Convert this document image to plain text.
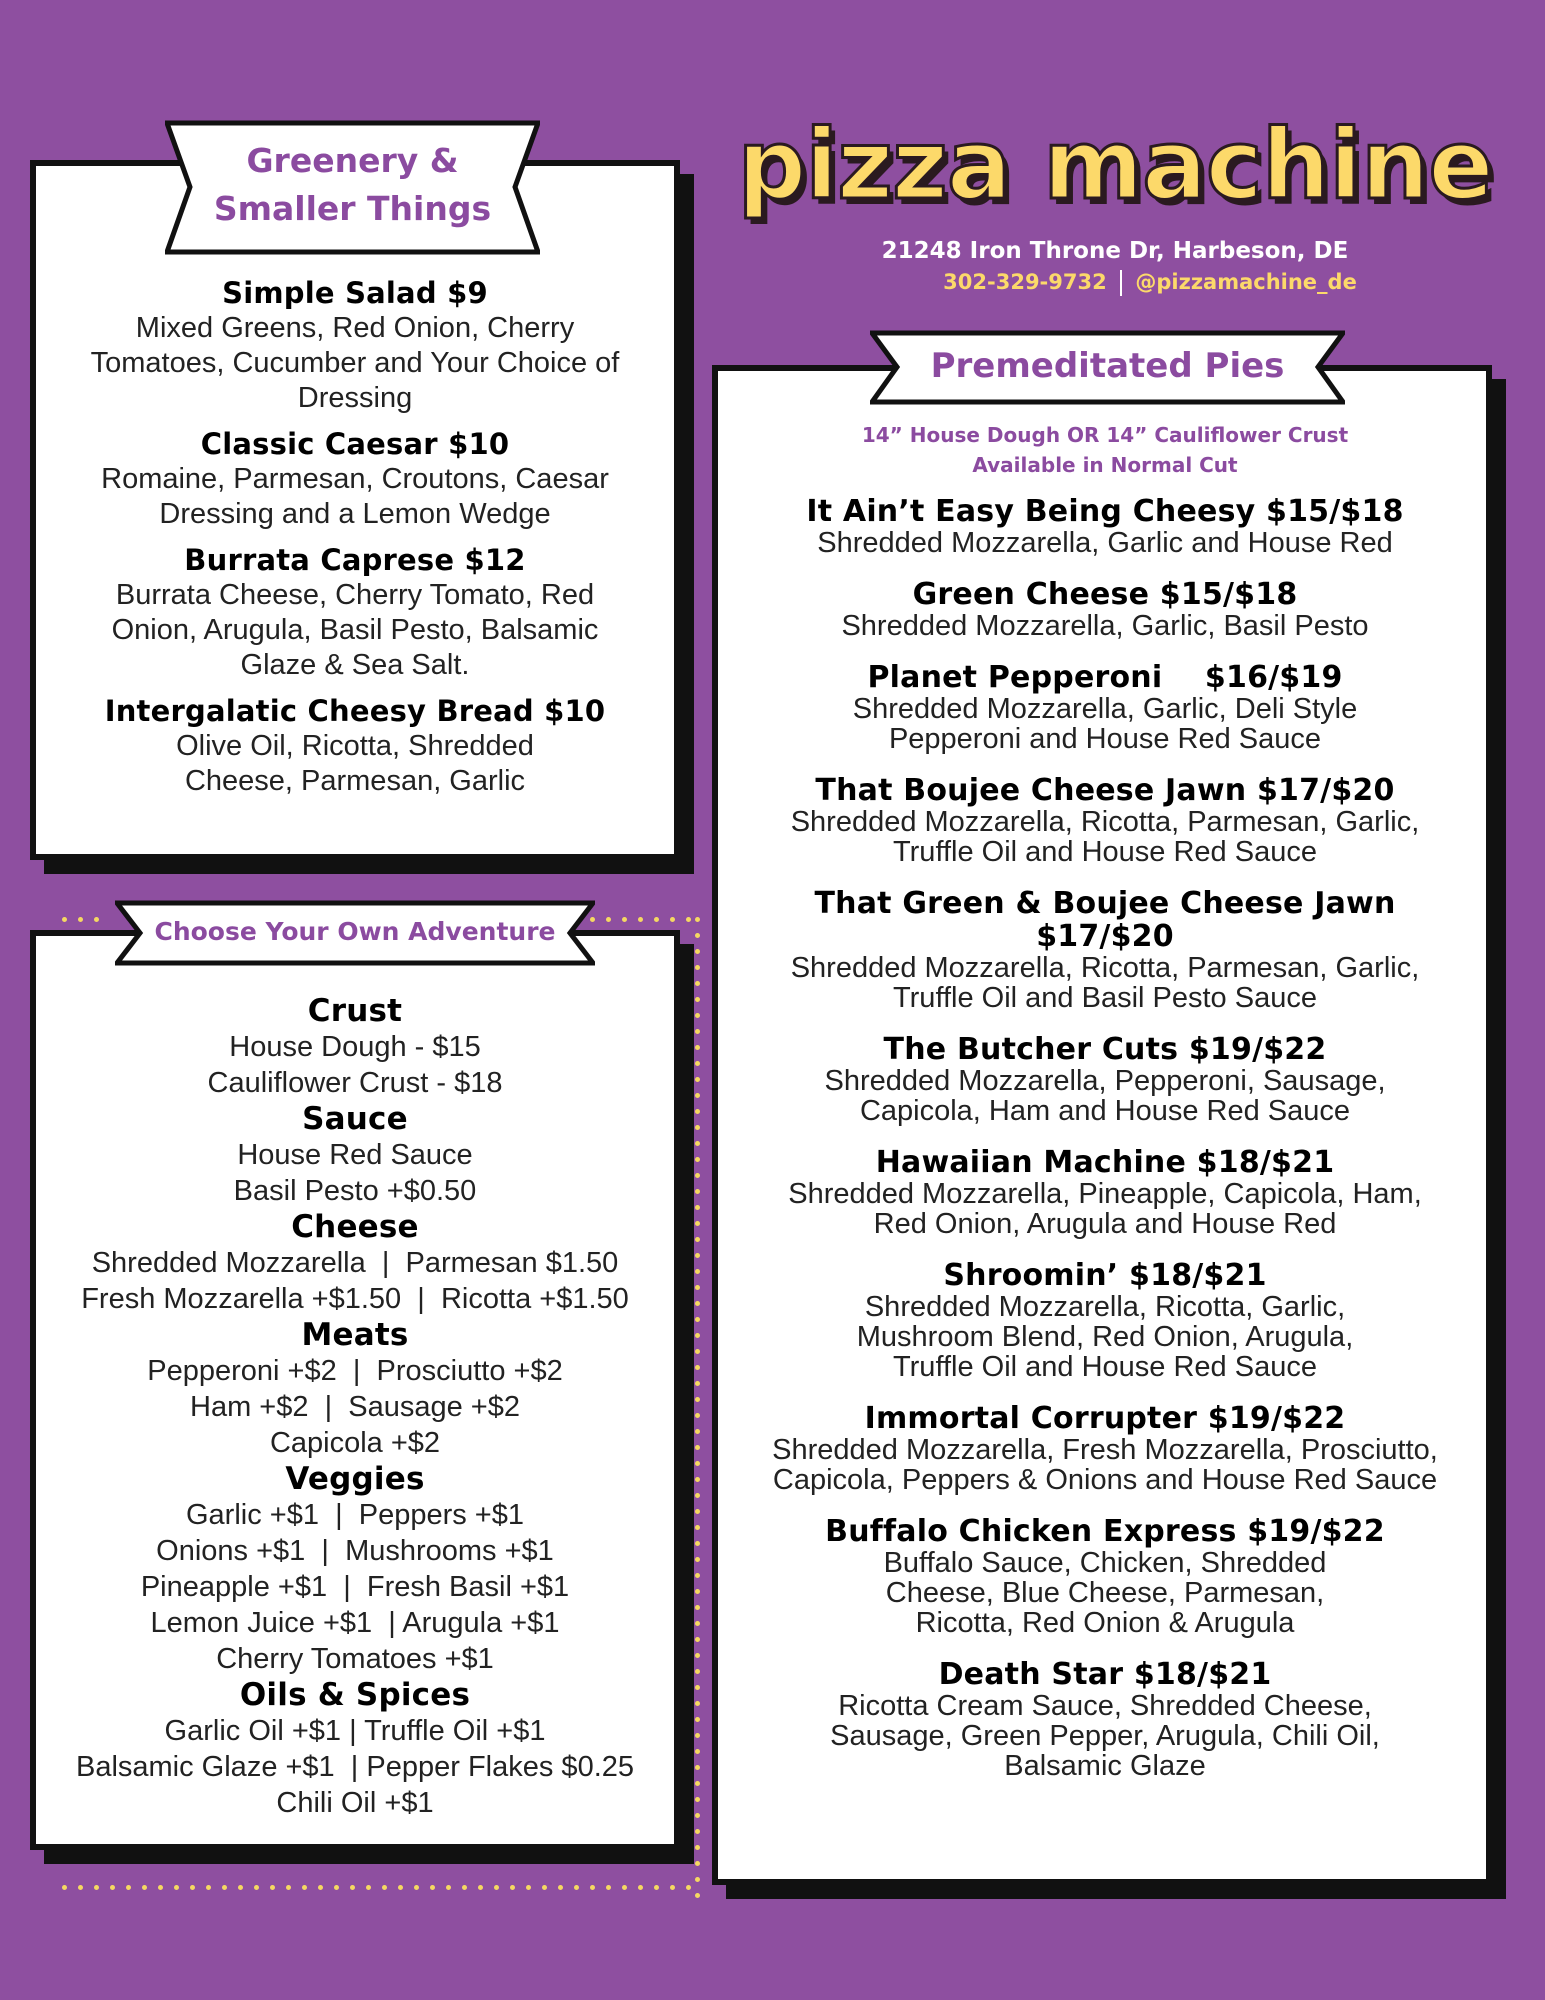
pizza machine
21248 Iron Throne Dr, Harbeson, DE
302-329-9732 @pizzamachine_de
Greenery &
Smaller Things
Simple Salad $9
Mixed Greens, Red Onion, Cherry Tomatoes, Cucumber and Your Choice of Dressing
Classic Caesar $10
Romaine, Parmesan, Croutons, Caesar Dressing and a Lemon Wedge
Burrata Caprese $12
Burrata Cheese, Cherry Tomato, Red Onion, Arugula, Basil Pesto, Balsamic Glaze & Sea Salt.
Intergalatic Cheesy Bread $10
Olive Oil, Ricotta, Shredded Cheese, Parmesan, Garlic
Choose Your Own Adventure
Crust
House Dough - $15
Cauliflower Crust - $18
Sauce
House Red Sauce
Basil Pesto +$0.50
Cheese
Shredded Mozzarella  |  Parmesan $1.50
Fresh Mozzarella +$1.50  |  Ricotta +$1.50
Meats
Pepperoni +$2  |  Prosciutto +$2
Ham +$2  |  Sausage +$2
Capicola +$2
Veggies
Garlic +$1  |  Peppers +$1
Onions +$1  |  Mushrooms +$1
Pineapple +$1  |  Fresh Basil +$1
Lemon Juice +$1  | Arugula +$1
Cherry Tomatoes +$1
Oils & Spices
Garlic Oil +$1 | Truffle Oil +$1
Balsamic Glaze +$1  | Pepper Flakes $0.25
Chili Oil +$1
Premeditated Pies
14” House Dough OR 14” Cauliflower Crust
Available in Normal Cut
It Ain’t Easy Being Cheesy $15/$18
Shredded Mozzarella, Garlic and House Red
Green Cheese $15/$18
Shredded Mozzarella, Garlic, Basil Pesto
Planet Pepperoni    $16/$19
Shredded Mozzarella, Garlic, Deli Style Pepperoni and House Red Sauce
That Boujee Cheese Jawn $17/$20
Shredded Mozzarella, Ricotta, Parmesan, Garlic, Truffle Oil and House Red Sauce
That Green & Boujee Cheese Jawn $17/$20
Shredded Mozzarella, Ricotta, Parmesan, Garlic, Truffle Oil and Basil Pesto Sauce
The Butcher Cuts $19/$22
Shredded Mozzarella, Pepperoni, Sausage, Capicola, Ham and House Red Sauce
Hawaiian Machine $18/$21
Shredded Mozzarella, Pineapple, Capicola, Ham, Red Onion, Arugula and House Red
Shroomin’ $18/$21
Shredded Mozzarella, Ricotta, Garlic, Mushroom Blend, Red Onion, Arugula, Truffle Oil and House Red Sauce
Immortal Corrupter $19/$22
Shredded Mozzarella, Fresh Mozzarella, Prosciutto, Capicola, Peppers & Onions and House Red Sauce
Buffalo Chicken Express $19/$22
Buffalo Sauce, Chicken, Shredded Cheese, Blue Cheese, Parmesan, Ricotta, Red Onion & Arugula
Death Star $18/$21
Ricotta Cream Sauce, Shredded Cheese, Sausage, Green Pepper, Arugula, Chili Oil, Balsamic Glaze
